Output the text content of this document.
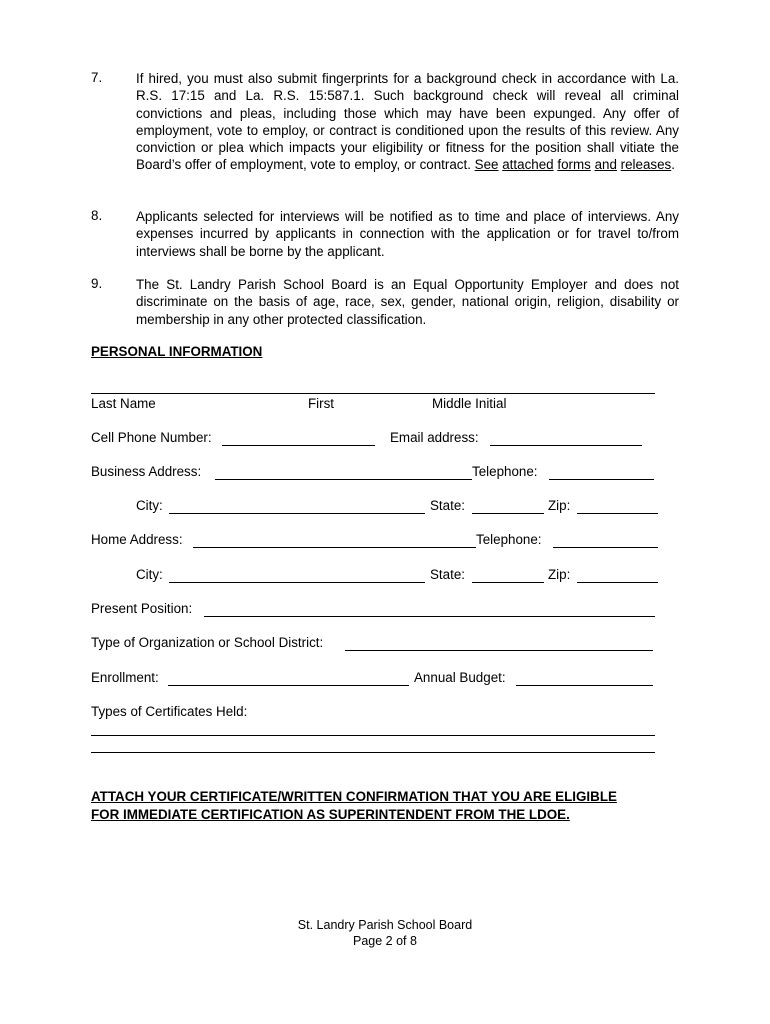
7.	If hired, you must also submit fingerprints for a background check in accordance with La. R.S. 17:15 and La. R.S. 15:587.1. Such background check will reveal all criminal convictions and pleas, including those which may have been expunged. Any offer of employment, vote to employ, or contract is conditioned upon the results of this review. Any conviction or plea which impacts your eligibility or fitness for the position shall vitiate the Board’s offer of employment, vote to employ, or contract. See attached forms and releases.
8.	Applicants selected for interviews will be notified as to time and place of interviews. Any expenses incurred by applicants in connection with the application or for travel to/from interviews shall be borne by the applicant.
9.	The St. Landry Parish School Board is an Equal Opportunity Employer and does not discriminate on the basis of age, race, sex, gender, national origin, religion, disability or membership in any other protected classification.
PERSONAL INFORMATION
Last Name	First	Middle Initial
Cell Phone Number:	Email address:
Business Address:	Telephone:
City:	State:	Zip:
Home Address:	Telephone:
City:	State:	Zip:
Present Position:
Type of Organization or School District:
Enrollment:	Annual Budget:
Types of Certificates Held:
ATTACH YOUR CERTIFICATE/WRITTEN CONFIRMATION THAT YOU ARE ELIGIBLE
FOR IMMEDIATE CERTIFICATION AS SUPERINTENDENT FROM THE LDOE.
St. Landry Parish School Board
Page 2 of 8
